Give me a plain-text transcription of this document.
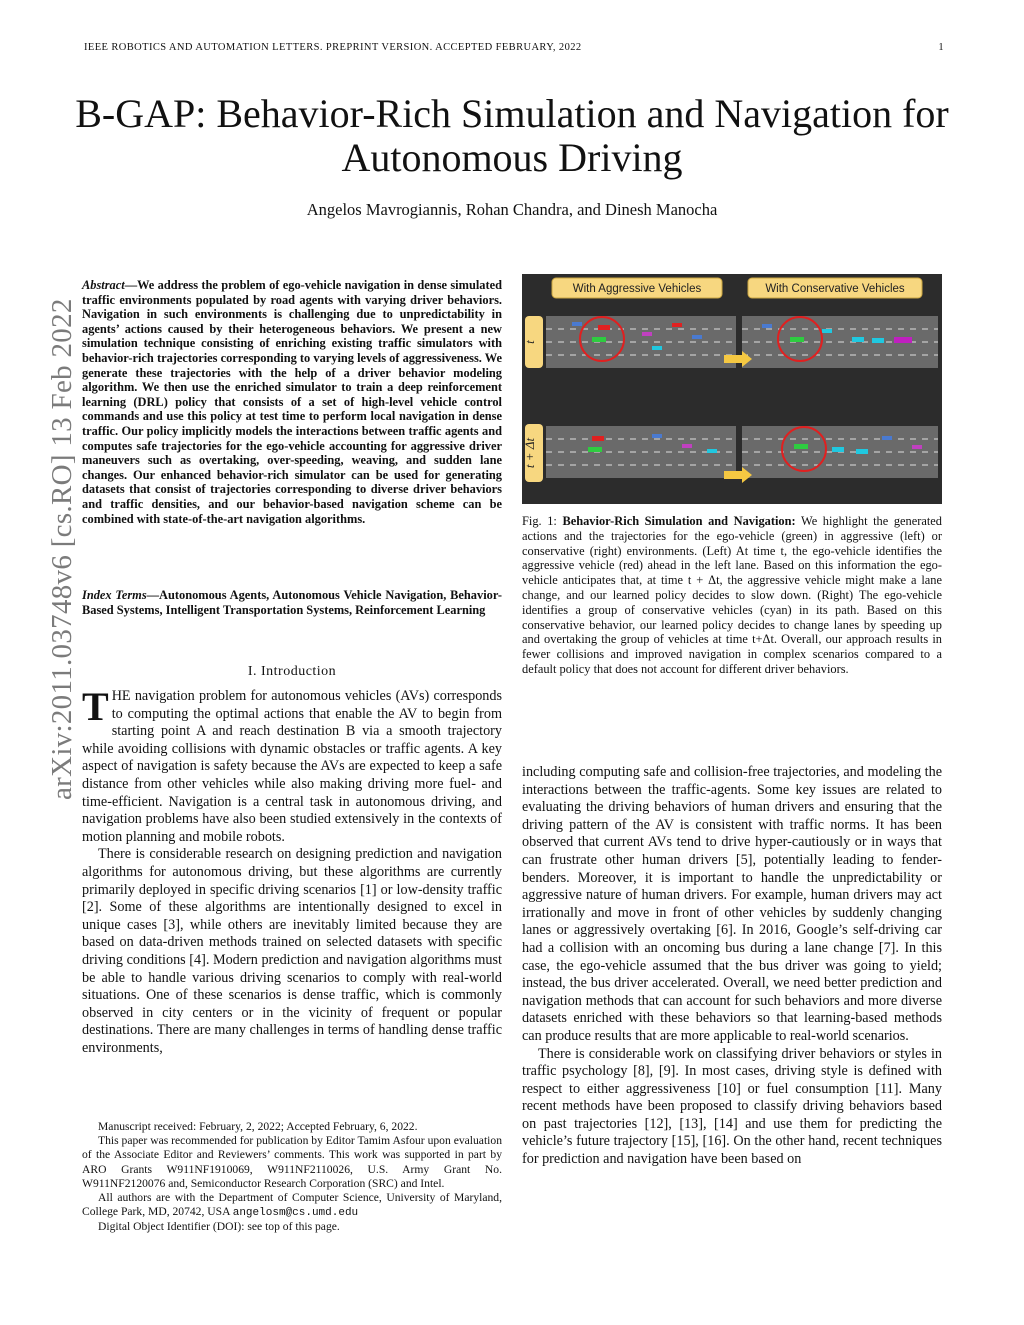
IEEE ROBOTICS AND AUTOMATION LETTERS. PREPRINT VERSION. ACCEPTED FEBRUARY, 2022	1
B-GAP: Behavior-Rich Simulation and Navigation for Autonomous Driving
Angelos Mavrogiannis, Rohan Chandra, and Dinesh Manocha
arXiv:2011.03748v6 [cs.RO] 13 Feb 2022
Abstract—We address the problem of ego-vehicle navigation in dense simulated traffic environments populated by road agents with varying driver behaviors. Navigation in such environments is challenging due to unpredictability in agents’ actions caused by their heterogeneous behaviors. We present a new simulation technique consisting of enriching existing traffic simulators with behavior-rich trajectories corresponding to varying levels of aggressiveness. We generate these trajectories with the help of a driver behavior modeling algorithm. We then use the enriched simulator to train a deep reinforcement learning (DRL) policy that consists of a set of high-level vehicle control commands and use this policy at test time to perform local navigation in dense traffic. Our policy implicitly models the interactions between traffic agents and computes safe trajectories for the ego-vehicle accounting for aggressive driver maneuvers such as overtaking, over-speeding, weaving, and sudden lane changes. Our enhanced behavior-rich simulator can be used for generating datasets that consist of trajectories corresponding to diverse driver behaviors and traffic densities, and our behavior-based navigation scheme can be combined with state-of-the-art navigation algorithms.
Index Terms—Autonomous Agents, Autonomous Vehicle Navigation, Behavior-Based Systems, Intelligent Transportation Systems, Reinforcement Learning
I. Introduction

THE navigation problem for autonomous vehicles (AVs) corresponds to computing the optimal actions that enable the AV to begin from starting point A and reach destination B via a smooth trajectory while avoiding collisions with dynamic obstacles or traffic agents. A key aspect of navigation is safety because the AVs are expected to keep a safe distance from other vehicles while also making driving more fuel- and time-efficient. Navigation is a central task in autonomous driving, and navigation problems have also been studied extensively in the contexts of motion planning and mobile robots.

There is considerable research on designing prediction and navigation algorithms for autonomous driving, but these algorithms are currently primarily deployed in specific driving scenarios [1] or low-density traffic [2]. Some of these algorithms are intentionally designed to excel in unique cases [3], while others are inevitably limited because they are based on data-driven methods trained on selected datasets with specific driving conditions [4]. Modern prediction and navigation algorithms must be able to handle various driving scenarios to comply with real-world situations. One of these scenarios is dense traffic, which is commonly observed in city centers or in the vicinity of frequent or popular destinations. There are many challenges in terms of handling dense traffic environments,

Manuscript received: February, 2, 2022; Accepted February, 6, 2022.

This paper was recommended for publication by Editor Tamim Asfour upon evaluation of the Associate Editor and Reviewers’ comments. This work was supported in part by ARO Grants W911NF1910069, W911NF2110026, U.S. Army Grant No. W911NF2120076 and, Semiconductor Research Corporation (SRC) and Intel.

All authors are with the Department of Computer Science, University of Maryland, College Park, MD, 20742, USA angelosm@cs.umd.edu

Digital Object Identifier (DOI): see top of this page.

With Aggressive Vehicles	With Conservative Vehicles
t
t + Δt
Fig. 1: Behavior-Rich Simulation and Navigation: We highlight the generated actions and the trajectories for the ego-vehicle (green) in aggressive (left) or conservative (right) environments. (Left) At time t, the ego-vehicle identifies the aggressive vehicle (red) ahead in the left lane. Based on this information the ego-vehicle anticipates that, at time t + Δt, the aggressive vehicle might make a lane change, and our learned policy decides to slow down. (Right) The ego-vehicle identifies a group of conservative vehicles (cyan) in its path. Based on this conservative behavior, our learned policy decides to change lanes by speeding up and overtaking the group of vehicles at time t+Δt. Overall, our approach results in fewer collisions and improved navigation in complex scenarios compared to a default policy that does not account for different driver behaviors.

including computing safe and collision-free trajectories, and modeling the interactions between the traffic-agents. Some key issues are related to evaluating the driving behaviors of human drivers and ensuring that the driving pattern of the AV is consistent with traffic norms. It has been observed that current AVs tend to drive hyper-cautiously or in ways that can frustrate other human drivers [5], potentially leading to fender-benders. Moreover, it is important to handle the unpredictability or aggressive nature of human drivers. For example, human drivers may act irrationally and move in front of other vehicles by suddenly changing lanes or aggressively overtaking [6]. In 2016, Google’s self-driving car had a collision with an oncoming bus during a lane change [7]. In this case, the ego-vehicle assumed that the bus driver was going to yield; instead, the bus driver accelerated. Overall, we need better prediction and navigation methods that can account for such behaviors and more diverse datasets enriched with these behaviors so that learning-based methods can produce results that are more applicable to real-world scenarios.

There is considerable work on classifying driver behaviors or styles in traffic psychology [8], [9]. In most cases, driving style is defined with respect to either aggressiveness [10] or fuel consumption [11]. Many recent methods have been proposed to classify driving behaviors based on past trajectories [12], [13], [14] and use them for predicting the vehicle’s future trajectory [15], [16]. On the other hand, recent techniques for prediction and navigation have been based on
